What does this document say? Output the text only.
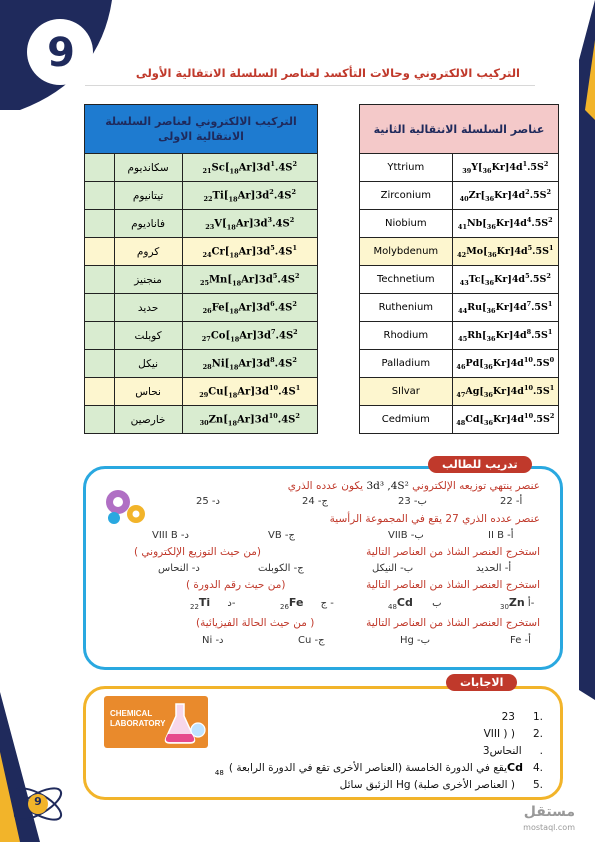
9
9
التركيب الالكتروني وحالات التأكسد لعناصر السلسلة الانتقالية الأولى
التركيب الالكتروني لعناصر السلسلة الانتقالية الاولى		
	سكانديوم	$_{21}Sc[_{18}Ar]3d^1.4S^2$
	تيتانيوم	$_{22}Ti[_{18}Ar]3d^2.4S^2$
	فانادیوم	$_{23}V[_{18}Ar]3d^3.4S^2$
	كروم	$_{24}Cr[_{18}Ar]3d^5.4S^1$
	منجنيز	$_{25}Mn[_{18}Ar]3d^5.4S^2$
	حديد	$_{26}Fe[_{18}Ar]3d^6.4S^2$
	كوبلت	$_{27}Co[_{18}Ar]3d^7.4S^2$
	نيكل	$_{28}Ni[_{18}Ar]3d^8.4S^2$
	نحاس	$_{29}Cu[_{18}Ar]3d^{10}.4S^1$
	خارصين	$_{30}Zn[_{18}Ar]3d^{10}.4S^2$
عناصر السلسلة الانتقالية الثانية	
Yttrium	$_{39}Y[_{36}Kr]4d^1.5S^2$
Zirconium	$_{40}Zr[_{36}Kr]4d^2.5S^2$
Niobium	$_{41}Nb[_{36}Kr]4d^4.5S^2$
Molybdenum	$_{42}Mo[_{36}Kr]4d^5.5S^1$
Technetium	$_{43}Tc[_{36}Kr]4d^5.5S^2$
Ruthenium	$_{44}Ru[_{36}Kr]4d^7.5S^1$
Rhodium	$_{45}Rh[_{36}Kr]4d^8.5S^1$
Palladium	$_{46}Pd[_{36}Kr]4d^{10}.5S^0$
SIlvar	$_{47}Ag[_{36}Kr]4d^{10}.5S^1$
Cedmium	$_{48}Cd[_{36}Kr]4d^{10}.5S^2$
تدريب للطالب
عنصر ينتهي توزيعه الإلكتروني 3d³ ,4S² يكون عدده الذري
أ- 22
ب- 23
ج- 24
د- 25
عنصر عدده الذري 27 يقع في المجموعة الرأسية
أ- II B
ب- VIIB
ج- VB
د- VIII B
استخرج العنصر الشاذ من العناصر التالية
(من حيث التوزيع الإلكتروني )
أ- الحديد
ب- النيكل
ج- الكوبلت
د- النحاس
استخرج العنصر الشاذ من العناصر التالية
(من حيث رقم الدورة )
$_{30}$Zn أ-
$_{48}$Cd ب
$_{26}$Fe ج -
$_{22}$Ti د-
استخرج العنصر الشاذ من العناصر التالية
( من حيث الحالة الفيزيائية)
أ- Fe
ب- Hg
ج- Cu
د- Ni
الاجابات
CHEMICAL
LABORATORY
23 1.
VIII ) ) 2.
النحاس3.
يقع في الدورة الخامسة (العناصر الأخرى تقع في الدورة الرابعة ) $_{48}$	Cd 4.
الزئبق سائل Hg (العناصر الأخرى صلبة ) 5.
مستقل
mostaql.com
